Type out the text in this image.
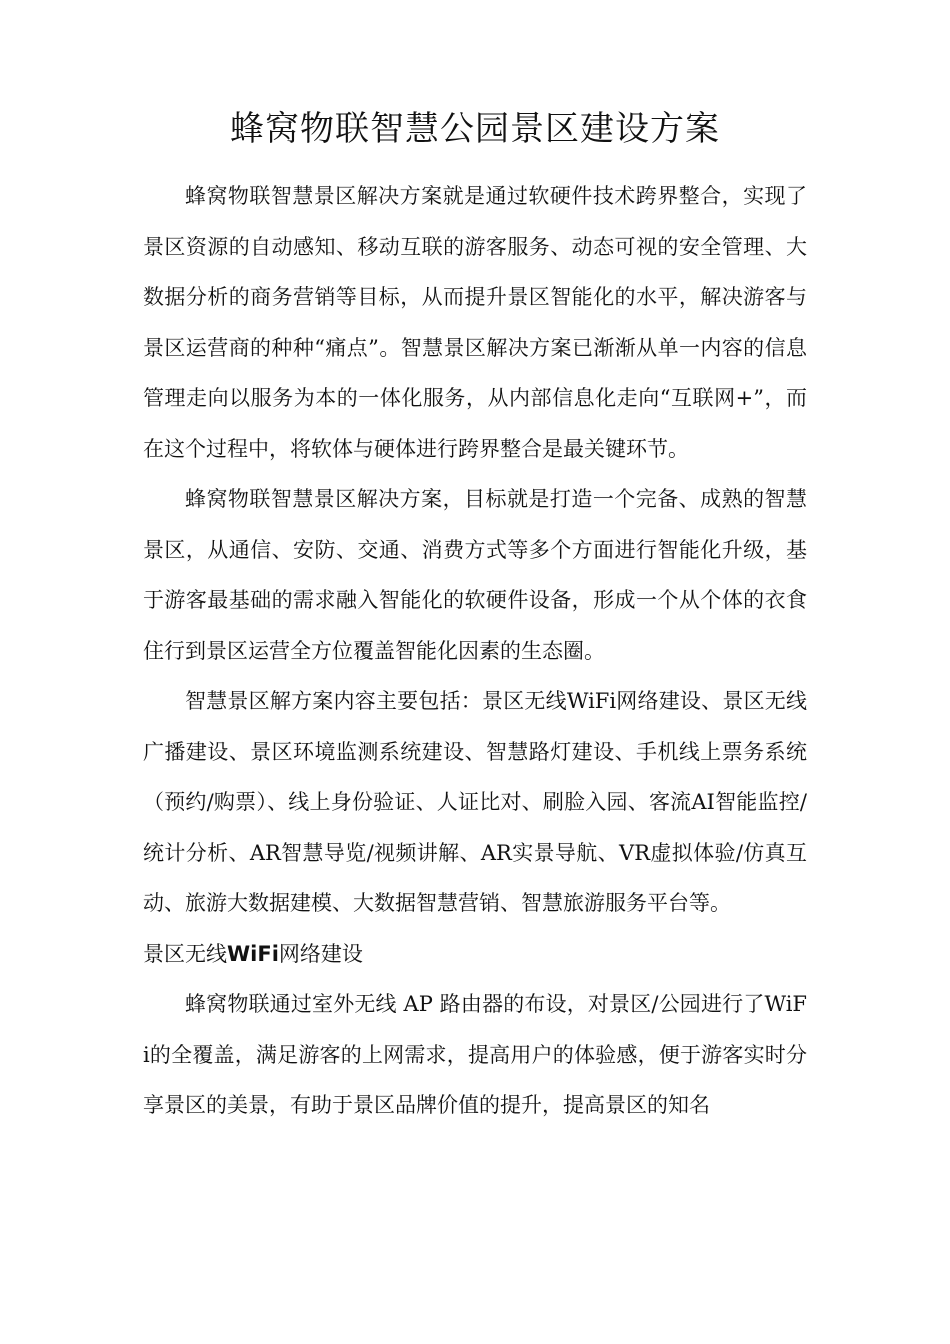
蜂窝物联智慧公园景区建设方案

蜂窝物联智慧景区解决方案就是通过软硬件技术跨界整合，实现了景区资源的自动感知、移动互联的游客服务、动态可视的安全管理、大数据分析的商务营销等目标，从而提升景区智能化的水平，解决游客与景区运营商的种种“痛点”。智慧景区解决方案已渐渐从单一内容的信息管理走向以服务为本的一体化服务，从内部信息化走向“互联网+”，而在这个过程中，将软体与硬体进行跨界整合是最关键环节。

蜂窝物联智慧景区解决方案，目标就是打造一个完备、成熟的智慧景区，从通信、安防、交通、消费方式等多个方面进行智能化升级，基于游客最基础的需求融入智能化的软硬件设备，形成一个从个体的衣食住行到景区运营全方位覆盖智能化因素的生态圈。

智慧景区解方案内容主要包括：景区无线WiFi网络建设、景区无线广播建设、景区环境监测系统建设、智慧路灯建设、手机线上票务系统（预约/购票）、线上身份验证、人证比对、刷脸入园、客流AI智能监控/统计分析、AR智慧导览/视频讲解、AR实景导航、VR虚拟体验/仿真互动、旅游大数据建模、大数据智慧营销、智慧旅游服务平台等。

景区无线WiFi网络建设

蜂窝物联通过室外无线 AP 路由器的布设，对景区/公园进行了WiFi的全覆盖，满足游客的上网需求，提高用户的体验感，便于游客实时分享景区的美景，有助于景区品牌价值的提升，提高景区的知名
